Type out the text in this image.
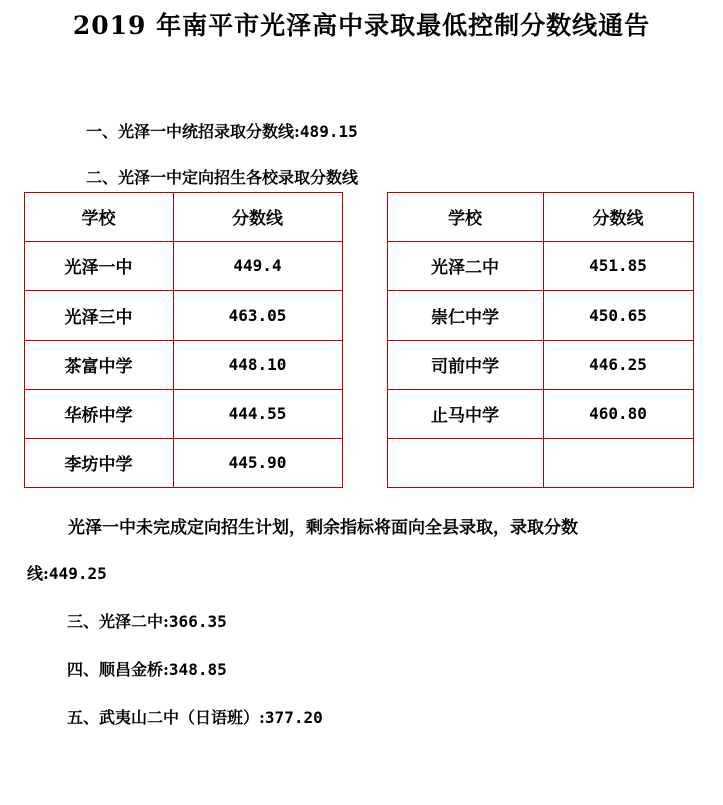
2019 年南平市光泽高中录取最低控制分数线通告
一、光泽一中统招录取分数线:489.15
二、光泽一中定向招生各校录取分数线
学校	分数线	学校	分数线
光泽一中	449.4	光泽二中	451.85
光泽三中	463.05	崇仁中学	450.65
茶富中学	448.10	司前中学	446.25
华桥中学	444.55	止马中学	460.80
李坊中学	445.90
光泽一中未完成定向招生计划，剩余指标将面向全县录取，录取分数
线:449.25
三、光泽二中:366.35
四、顺昌金桥:348.85
五、武夷山二中（日语班）:377.20
